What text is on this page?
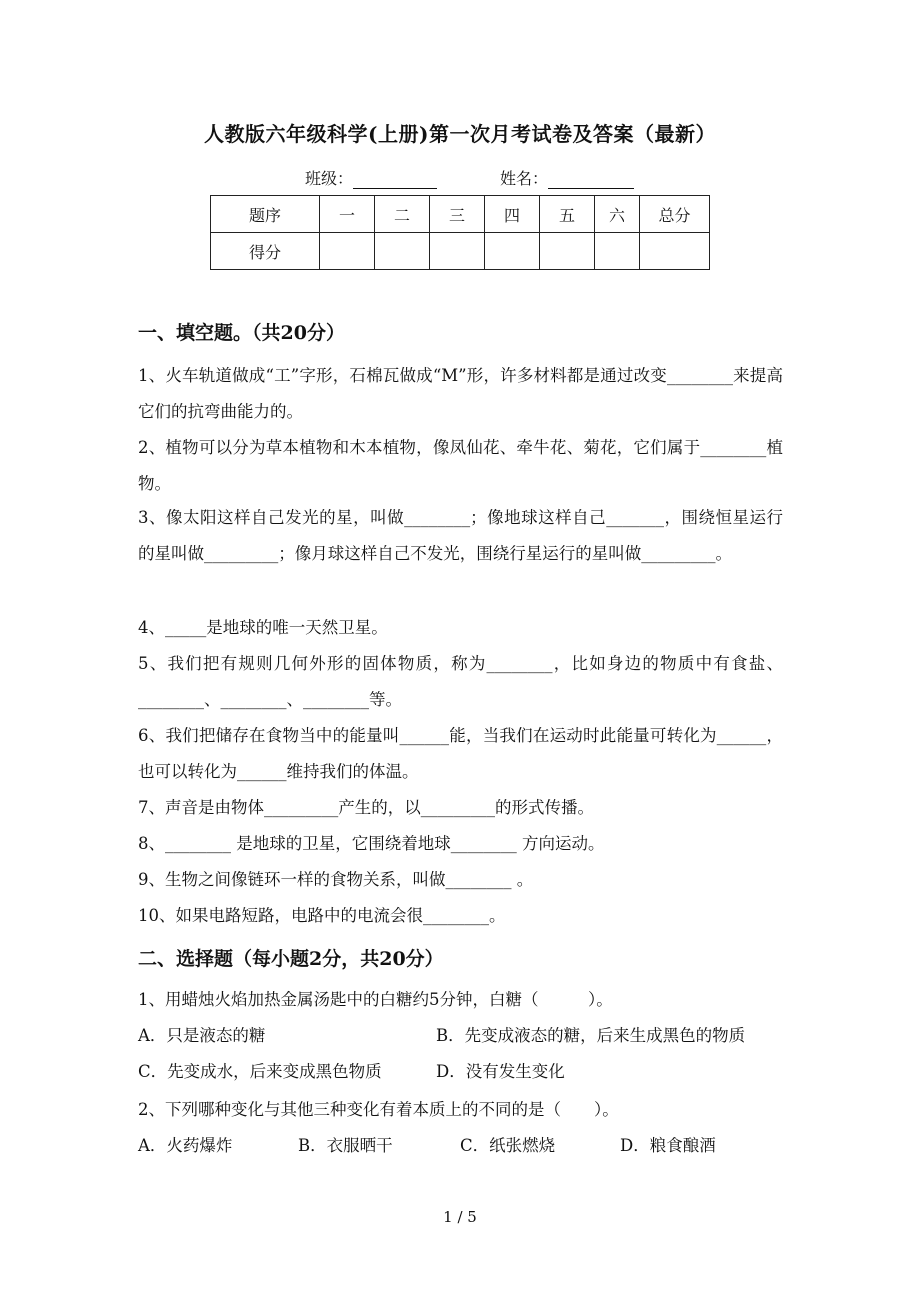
人教版六年级科学(上册)第一次月考试卷及答案（最新）
班级：	姓名：
题序	一	二	三	四	五	六	总分
得分							
一、填空题。（共20分）
1、火车轨道做成“工”字形，石棉瓦做成“M”形，许多材料都是通过改变________来提高它们的抗弯曲能力的。
2、植物可以分为草本植物和木本植物，像凤仙花、牵牛花、菊花，它们属于________植物。
3、像太阳这样自己发光的星，叫做________；像地球这样自己_______，围绕恒星运行的星叫做_________；像月球这样自己不发光，围绕行星运行的星叫做_________。
4、_____是地球的唯一天然卫星。
5、我们把有规则几何外形的固体物质，称为________，比如身边的物质中有食盐、________、________、________等。
6、我们把储存在食物当中的能量叫______能，当我们在运动时此能量可转化为______，也可以转化为______维持我们的体温。
7、声音是由物体_________产生的，以_________的形式传播。
8、________ 是地球的卫星，它围绕着地球________ 方向运动。
9、生物之间像链环一样的食物关系，叫做________ 。
10、如果电路短路，电路中的电流会很________。
二、选择题（每小题2分，共20分）
1、用蜡烛火焰加热金属汤匙中的白糖约5分钟，白糖（　　　）。
A．只是液态的糖	B．先变成液态的糖，后来生成黑色的物质
C．先变成水，后来变成黑色物质	D．没有发生变化
2、下列哪种变化与其他三种变化有着本质上的不同的是（　　）。
A．火药爆炸	B．衣服晒干	C．纸张燃烧	D．粮食酿酒
1 / 5
